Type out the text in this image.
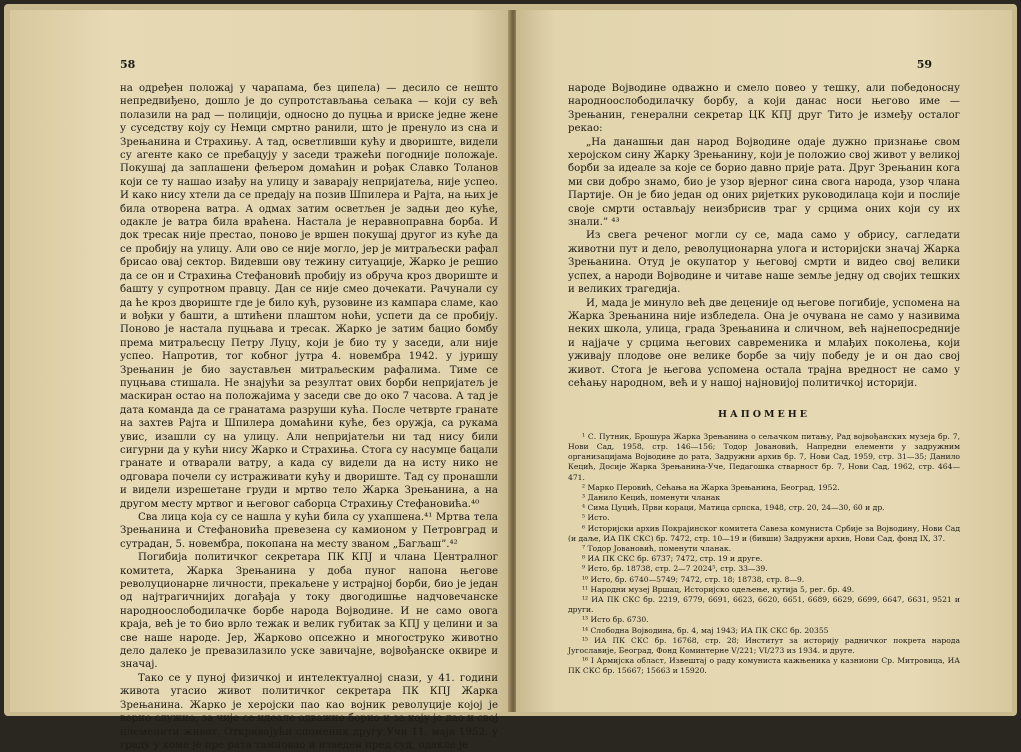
58

на одређен положај у чарапама, без ципела) — десило се нешто непредвиђено, дошло је до супротстављања сељака — који су већ полазили на рад — полицији, односно до пуцња и вриске једне жене у суседству коју су Немци смртно ранили, што је пренуло из сна и Зрењанина и Страхињу. А тад, осветливши кућу и двориште, видели су агенте како се пребацују у заседи тражећи погодније положаје. Покушај да заплашени фељером домаћин и рођак Славко Толанов који се ту нашао изађу на улицу и заварају непријатеља, није успео. И како нису хтели да се предају на позив Шпилера и Рајта, на њих је била отворена ватра. А одмах затим осветљен је задњи део куће, одакле је ватра била враћена. Настала је неравноправна борба. И док тресак није престао, поново је вршен покушај другог из куће да се пробију на улицу. Али ово се није могло, јер је митраљески рафал брисао овај сектор. Видевши ову тежину ситуације, Жарко је решио да се он и Страхиња Стефановић пробију из обруча кроз двориште и башту у супротном правцу. Дан се није смео дочекати. Рачунали су да ће кроз двориште где је било кућ, рузовине из кампара сламе, као и вођки у башти, а штићени плаштом ноћи, успети да се пробију. Поново је настала пуцњава и тресак. Жарко је затим бацио бомбу према митраљесцу Петру Луцу, који је био ту у заседи, али није успео. Напротив, тог кобног јутра 4. новембра 1942. у јуришу Зрењанин је био заустављен митраљеским рафалима. Тиме се пуцњава стишала. Не знајући за резултат ових борби непријатељ је маскиран остао на положајима у заседи све до око 7 часова. А тад је дата команда да се гранатама разруши кућа. После четврте гранате на захтев Рајта и Шпилера домаћини куће, без оружја, са рукама увис, изашли су на улицу. Али непријатељи ни тад нису били сигурни да у кући нису Жарко и Страхиња. Стога су насумце бацали гранате и отварали ватру, а када су видели да на исту нико не одговара почели су истраживати кућу и двориште. Тад су пронашли и видели изрешетане груди и мртво тело Жарка Зрењанина, а на другом месту мртвог и његовог саборца Страхињу Стефановића.⁴⁰

Сва лица која су се нашла у кући била су ухапшена.⁴¹ Мртва тела Зрењанина и Стефановића превезена су камионом у Петровград и сутрадан, 5. новембра, покопана на месту званом „Багљаш”.⁴²

Погибија политичког секретара ПК КПЈ и члана Централног комитета, Жарка Зрењанина у доба пуног напона његове револуционарне личности, прекаљене у истрајној борби, био је један од најтрагичнијих догађаја у току двогодишње надчовечанске народноослободилачке борбе народа Војводине. И не само овога краја, већ је то био врло тежак и велик губитак за КПЈ у целини и за све наше народе. Јер, Жарково опсежно и многоструко животно дело далеко је превазилазило уске завичајне, војвођанске оквире и значај.

Тако се у пуној физичкој и интелектуалној снази, у 41. години живота угасио живот политичког секретара ПК КПЈ Жарка Зрењанина. Жарко је херојски пао као војник револуције којој је верно служио, за чије се идеале одважно борио и за коју је дао и свој племенити живот. Откривајући споменик другу Учи 11. маја 1952. у граду у коме је пре рата тамновао и изведен пред суд, одакле је

59

народе Војводине одважно и смело повео у тешку, али победоносну народноослободилачку борбу, а који данас носи његово име — Зрењанин, генерални секретар ЦК КПЈ друг Тито је између осталог рекао:

„На данашњи дан народ Војводине одаје дужно признање свом херојском сину Жарку Зрењанину, који је положио свој живот у великој борби за идеале за које се борио давно прије рата. Друг Зрењанин кога ми сви добро знамо, био је узор вјерног сина свога народа, узор члана Партије. Он је био један од оних ријетких руководилаца који и послије своје смрти остављају неизбрисив траг у срцима оних који су их знали.” ⁴³

Из свега реченог могли су се, мада само у обрису, сагледати животни пут и дело, револуционарна улога и историјски значај Жарка Зрењанина. Отуд је окупатор у његовој смрти и видео свој велики успех, а народи Војводине и читаве наше земље једну од својих тешких и великих трагедија.

И, мада је минуло већ две деценије од његове погибије, успомена на Жарка Зрењанина није избледела. Она је очувана не само у називима неких школа, улица, града Зрењанина и сличном, већ најнепосредније и најјаче у срцима његових савременика и млађих поколења, који уживају плодове оне велике борбе за чију победу је и он дао свој живот. Стога је његова успомена остала трајна вредност не само у сећању народном, већ и у нашој најновијој политичкој историји.

НАПОМЕНЕ

¹ С. Путник, Брошура Жарка Зрењанина о сељачком питању, Рад војвођанских музеја бр. 7, Нови Сад, 1958, стр. 146—156; Тодор Јовановић, Напредни елементи у задружним организацијама Војводине до рата, Задружни архив бр. 7, Нови Сад, 1959, стр. 31—35; Данило Кецић, Досије Жарка Зрењанина-Уче, Педагошка стварност бр. 7, Нови Сад, 1962, стр. 464—471.

² Марко Перовић, Сећања на Жарка Зрењанина, Београд, 1952.

³ Данило Кецић, поменути чланак

⁴ Сима Цуцић, Први кораци, Матица српска, 1948, стр. 20, 24—30, 60 и др.

⁵ Исто.

⁶ Историјски архив Покрајинског комитета Савеза комуниста Србије за Војводину, Нови Сад (и даље, ИА ПК СКС) бр. 7472, стр. 10—19 и (бивши) Задружни архив, Нови Сад, фонд IX, 37.

⁷ Тодор Јовановић, поменути чланак.

⁸ ИА ПК СКС бр. 6737; 7472, стр. 19 и друге.

⁹ Исто, бр. 18738, стр. 2—7 2024⁵, стр. 33—39.

¹⁰ Исто, бр. 6740—5749; 7472, стр. 18; 18738, стр. 8—9.

¹¹ Народни музеј Вршац, Историјско одељење, кутија 5, рег. бр. 49.

¹² ИА ПК СКС бр. 2219, 6779, 6691, 6623, 6620, 6651, 6689, 6629, 6699, 6647, 6631, 9521 и други.

¹³ Исто бр. 6730.

¹⁴ Слободна Војводина, бр. 4, мај 1943; ИА ПК СКС бр. 20355

¹⁵ ИА ПК СКС бр. 16768, стр. 28; Институт за историју радничког покрета народа Југославије, Београд, Фонд Коминтерне V/221; VI/273 из 1934. и друге.

¹⁶ I Армијска област, Извештај о раду комуниста кажњеника у казниони Ср. Митровица, ИА ПК СКС бр. 15667; 15663 и 15920.
